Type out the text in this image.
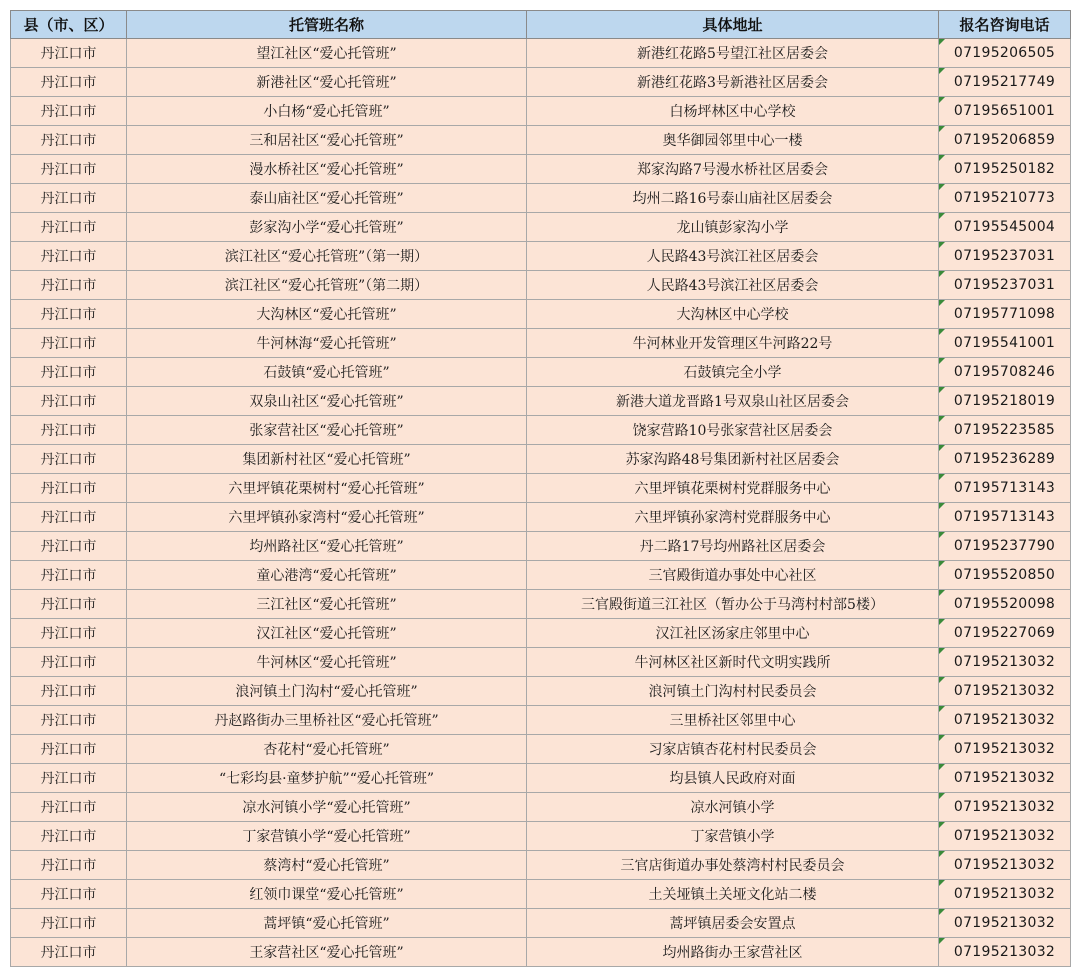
县（市、区）	托管班名称	具体地址	报名咨询电话
丹江口市	望江社区“爱心托管班”	新港红花路5号望江社区居委会	07195206505
丹江口市	新港社区“爱心托管班”	新港红花路3号新港社区居委会	07195217749
丹江口市	小白杨“爱心托管班”	白杨坪林区中心学校	07195651001
丹江口市	三和居社区“爱心托管班”	奥华御园邻里中心一楼	07195206859
丹江口市	漫水桥社区“爱心托管班”	郑家沟路7号漫水桥社区居委会	07195250182
丹江口市	泰山庙社区“爱心托管班”	均州二路16号泰山庙社区居委会	07195210773
丹江口市	彭家沟小学“爱心托管班”	龙山镇彭家沟小学	07195545004
丹江口市	滨江社区“爱心托管班”（第一期）	人民路43号滨江社区居委会	07195237031
丹江口市	滨江社区“爱心托管班”（第二期）	人民路43号滨江社区居委会	07195237031
丹江口市	大沟林区“爱心托管班”	大沟林区中心学校	07195771098
丹江口市	牛河林海“爱心托管班”	牛河林业开发管理区牛河路22号	07195541001
丹江口市	石鼓镇“爱心托管班”	石鼓镇完全小学	07195708246
丹江口市	双泉山社区“爱心托管班”	新港大道龙晋路1号双泉山社区居委会	07195218019
丹江口市	张家营社区“爱心托管班”	饶家营路10号张家营社区居委会	07195223585
丹江口市	集团新村社区“爱心托管班”	苏家沟路48号集团新村社区居委会	07195236289
丹江口市	六里坪镇花栗树村“爱心托管班”	六里坪镇花栗树村党群服务中心	07195713143
丹江口市	六里坪镇孙家湾村“爱心托管班”	六里坪镇孙家湾村党群服务中心	07195713143
丹江口市	均州路社区“爱心托管班”	丹二路17号均州路社区居委会	07195237790
丹江口市	童心港湾“爱心托管班”	三官殿街道办事处中心社区	07195520850
丹江口市	三江社区“爱心托管班”	三官殿街道三江社区（暂办公于马湾村村部5楼）	07195520098
丹江口市	汉江社区“爱心托管班”	汉江社区汤家庄邻里中心	07195227069
丹江口市	牛河林区“爱心托管班”	牛河林区社区新时代文明实践所	07195213032
丹江口市	浪河镇土门沟村“爱心托管班”	浪河镇土门沟村村民委员会	07195213032
丹江口市	丹赵路街办三里桥社区“爱心托管班”	三里桥社区邻里中心	07195213032
丹江口市	杏花村“爱心托管班”	习家店镇杏花村村民委员会	07195213032
丹江口市	“七彩均县·童梦护航”“爱心托管班”	均县镇人民政府对面	07195213032
丹江口市	凉水河镇小学“爱心托管班”	凉水河镇小学	07195213032
丹江口市	丁家营镇小学“爱心托管班”	丁家营镇小学	07195213032
丹江口市	蔡湾村“爱心托管班”	三官店街道办事处蔡湾村村民委员会	07195213032
丹江口市	红领巾课堂“爱心托管班”	土关垭镇土关垭文化站二楼	07195213032
丹江口市	蒿坪镇“爱心托管班”	蒿坪镇居委会安置点	07195213032
丹江口市	王家营社区“爱心托管班”	均州路街办王家营社区	07195213032
